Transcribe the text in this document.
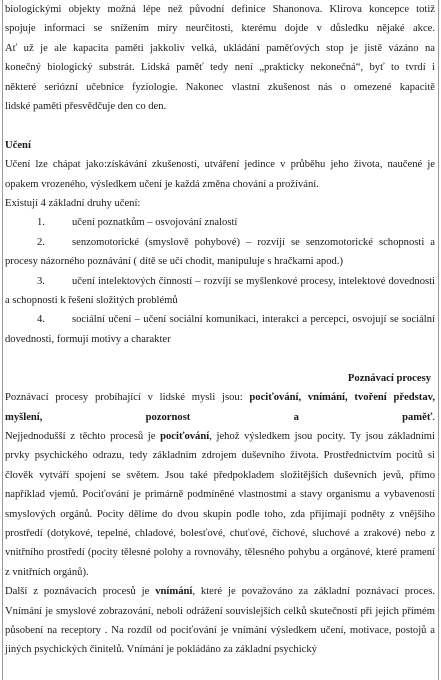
biologickými objekty možná lépe než původní definice Shanonova. Klirova koncepce totiž

spojuje informaci se snížením míry neurčitosti, kterému dojde v důsledku nějaké akce.

Ať už je ale kapacita paměti jakkoliv velká, ukládání paměťových stop je jistě vázáno na

konečný biologický substrát. Lidská paměť tedy není „prakticky nekonečná“, byť to tvrdí i

některé seriózní učebnice fyziologie. Nakonec vlastní zkušenost nás o omezené kapacitě

lidské paměti přesvědčuje den co den.

Učení

Učení lze chápat jako:získávání zkušeností, utváření jedince v průběhu jeho života, naučené je opakem vrozeného, výsledkem učení je každá změna chování a prožívání.

Existují 4 základní druhy učení:

1.	učení poznatkům – osvojování znalostí

2.	senzomotorické (smyslově pohybové) – rozvíjí se senzomotorické schopnosti a procesy názorného poznávání ( dítě se učí chodit, manipuluje s hračkami apod.)

3.	učení intelektových činností – rozvíjí se myšlenkové procesy, intelektové dovednosti a schopnosti k řešení složitých problémů

4.	sociální učení – učení sociální komunikaci, interakci a percepci, osvojují se sociální dovednosti, formují motivy a charakter

Poznávací procesy

Poznávací procesy probíhající v lidské mysli jsou: pociťování, vnímání, tvoření představ,

myšlení,	pozornost	a	paměť.

Nejjednodušší z těchto procesů je pociťování, jehož výsledkem jsou pocity. Ty jsou základními prvky psychického odrazu, tedy základním zdrojem duševního života. Prostřednictvím pocitů si člověk vytváří spojení se světem. Jsou také předpokladem složitějších duševních jevů, přímo například vjemů. Pociťování je primárně podmíněné vlastnostmi a stavy organismu a vybaveností smyslových orgánů. Pocity dělíme do dvou skupin podle toho, zda přijímají podněty z vnějšího prostředí (dotykové, tepelné, chladové, bolesťové, chuťové, čichové, sluchové a zrakové) nebo z vnitřního prostředí (pocity tělesné polohy a rovnováhy, tělesného pohybu a orgánové, které pramení z vnitřních orgánů).

Další z poznávacích procesů je vnímání, které je považováno za základní poznávací proces. Vnímání je smyslové zobrazování, neboli odrážení souvislejších celků skutečnosti při jejich přímém působení na receptory . Na rozdíl od pociťování je vnímání výsledkem učení, motivace, postojů a jiných psychických činitelů. Vnímání je pokládáno za základní psychický
